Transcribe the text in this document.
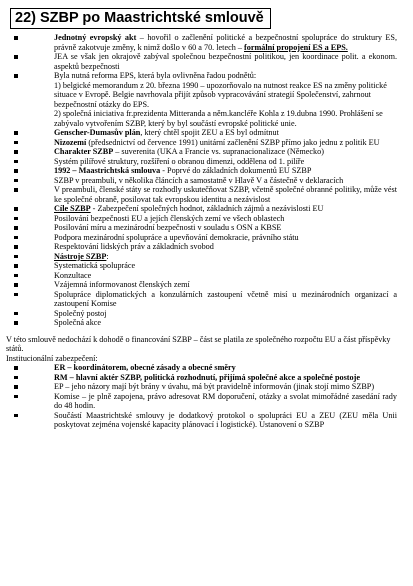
22) SZBP po Maastrichtské smlouvě
Jednotný evropský akt – hovořil o začlenění politické a bezpečnostní spolupráce do struktury ES, právně zakotvuje změny, k nimž došlo v 60 a 70. letech – formální propojení ES a EPS.
JEA se však jen okrajově zabýval společnou bezpečnostní politikou, jen koordinace polit. a ekonom. aspektů bezpečnosti
Byla nutná reforma EPS, která byla ovlivněna řadou podnětů:
1) belgické memorandum z 20. března 1990 – upozorňovalo na nutnost reakce ES na změny politické situace v Evropě. Belgie navrhovala přijít způsob vypracovávání strategií Společenství, zahrnout bezpečnostní otázky do EPS.
2) společná iniciativa fr.prezidenta Mitteranda a něm.kancléře Kohla z 19.dubna 1990. Prohlášení se zabývalo vytvořením SZBP, který by byl součástí evropské politické unie.
Genscher-Dumasův plán, který chtěl spojit ZEU a ES byl odmítnut
Nizozemí (předsednictví od července 1991) unitární začlenění SZBP přímo jako jednu z politik EU
Charakter SZBP – suverenita (UKA a Francie vs. supranacionalizace (Německo)
Systém pilířové struktury, rozšíření o obranou dimenzi, oddělena od 1. pilíře
1992 – Maastrichtská smlouva - Poprvé do základních dokumentů EU SZBP
SZBP v preambuli, v několika článcích a samostatně v Hlavě V a částečně v deklaracích
V preambuli, členské státy se rozhodly uskutečňovat SZBP, včetně společné obranné politiky, může vést ke společné obraně, posilovat tak evropskou identitu a nezávislost
Cíle SZBP - Zabezpečení společných hodnot, základních zájmů a nezávislosti EU
Posilování bezpečnosti EU a jejích členských zemí ve všech oblastech
Posilování míru a mezinárodní bezpečnosti v souladu s OSN a KBSE
Podpora mezinárodní spolupráce a upevňování demokracie, právního státu
Respektování lidských práv a základních svobod
Nástroje SZBP:
Systematická spolupráce
Konzultace
Vzájemná informovanost členských zemí
Spolupráce diplomatických a konzulárních zastoupení včetně misí u mezinárodních organizací a zastoupení Komise
Společný postoj
Společná akce
V této smlouvě nedochází k dohodě o financování SZBP – část se platila ze společného rozpočtu EU a část příspěvky států.
Institucionální zabezpečení:
ER – koordinátorem, obecné zásady a obecné směry
RM – hlavní aktér SZBP, politická rozhodnutí, přijímá společné akce a společné postoje
EP – jeho názory mají být brány v úvahu, má být pravidelně informován (jinak stojí mimo SZBP)
Komise – je plně zapojena, právo adresovat RM doporučení, otázky a svolat mimořádné zasedání rady do 48 hodin.
Součástí Maastrichtské smlouvy je dodatkový protokol o spolupráci EU a ZEU (ZEU měla Unii poskytovat zejména vojenské kapacity plánovací i logistické). Ustanovení o SZBP
